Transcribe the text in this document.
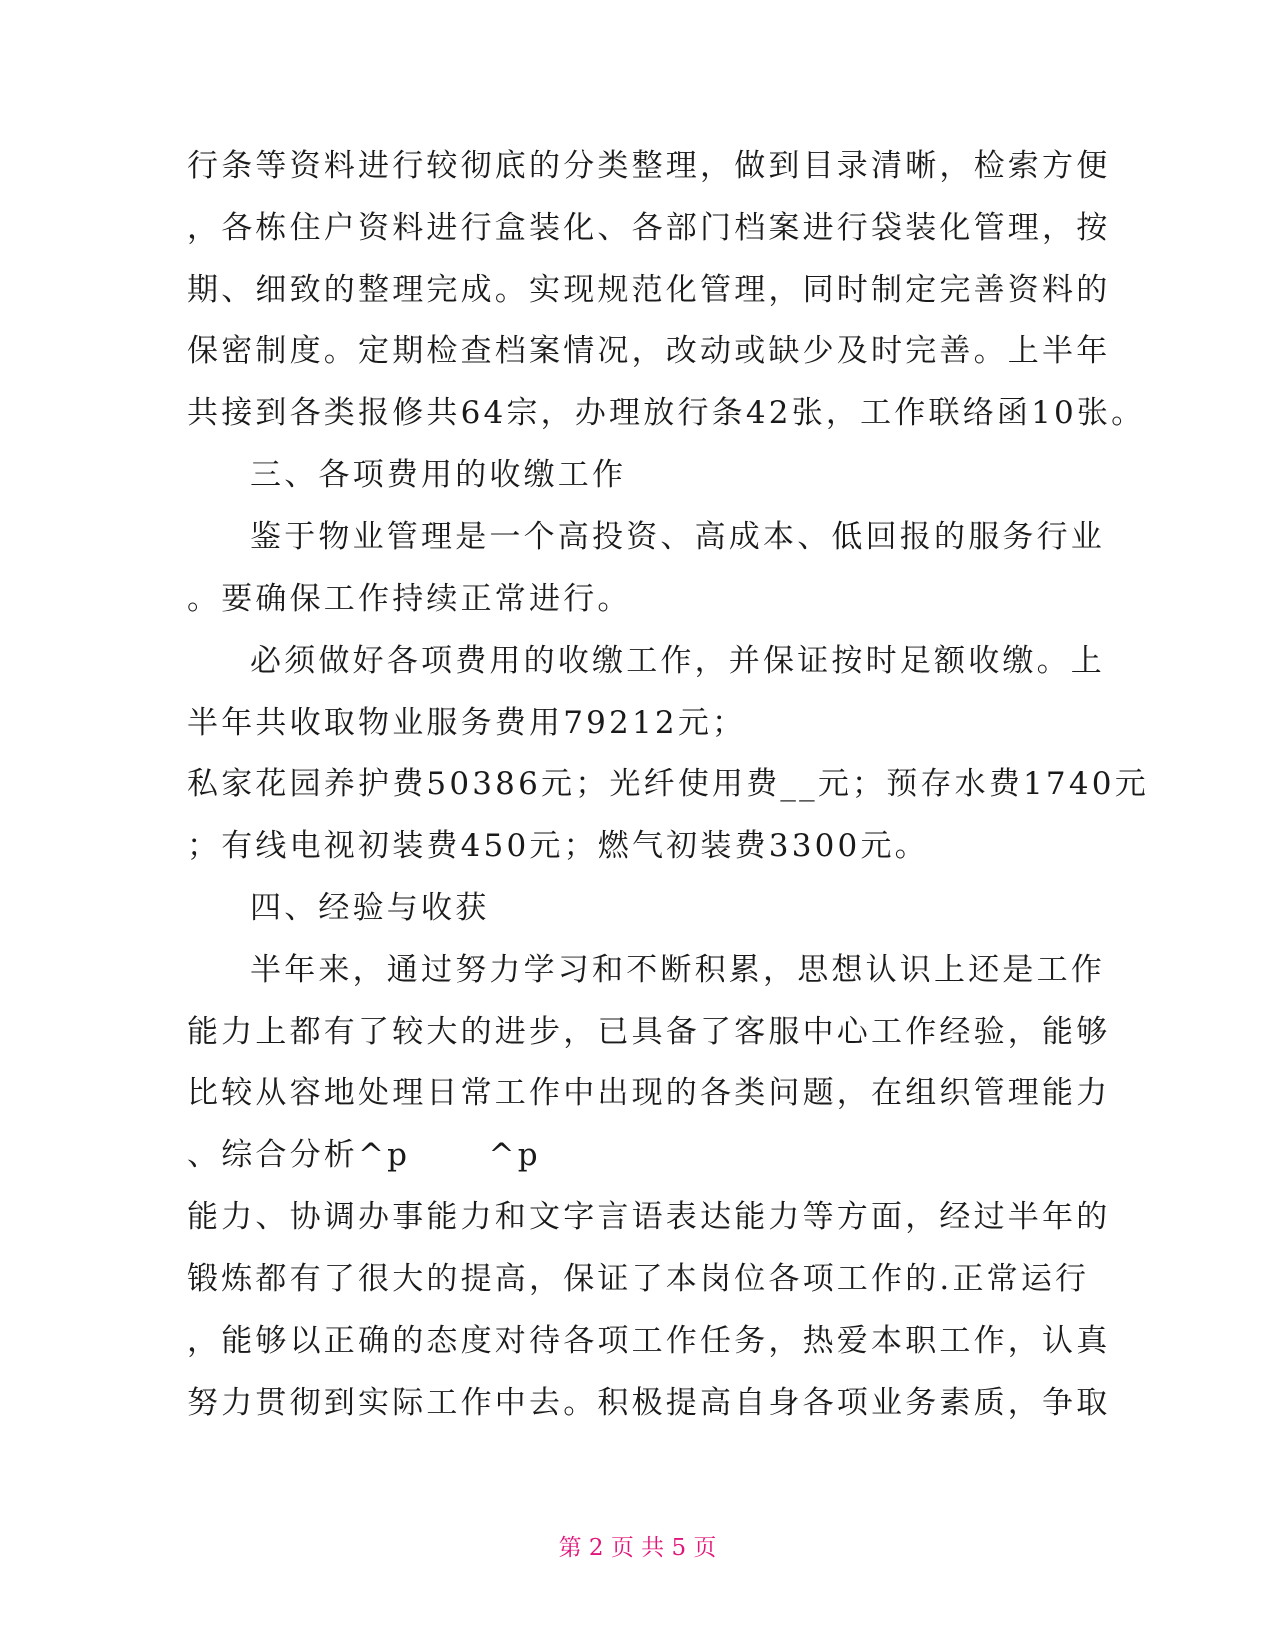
行条等资料进行较彻底的分类整理，做到目录清晰，检索方便
，各栋住户资料进行盒装化、各部门档案进行袋装化管理，按
期、细致的整理完成。实现规范化管理，同时制定完善资料的
保密制度。定期检查档案情况，改动或缺少及时完善。上半年
共接到各类报修共64宗，办理放行条42张，工作联络函10张。
三、各项费用的收缴工作
鉴于物业管理是一个高投资、高成本、低回报的服务行业
。要确保工作持续正常进行。
必须做好各项费用的收缴工作，并保证按时足额收缴。上
半年共收取物业服务费用79212元；
私家花园养护费50386元；光纤使用费__元；预存水费1740元
；有线电视初装费450元；燃气初装费3300元。
四、经验与收获
半年来，通过努力学习和不断积累，思想认识上还是工作
能力上都有了较大的进步，已具备了客服中心工作经验，能够
比较从容地处理日常工作中出现的各类问题，在组织管理能力
、综合分析^p      ^p
能力、协调办事能力和文字言语表达能力等方面，经过半年的
锻炼都有了很大的提高，保证了本岗位各项工作的.正常运行
，能够以正确的态度对待各项工作任务，热爱本职工作，认真
努力贯彻到实际工作中去。积极提高自身各项业务素质，争取
第 2 页 共 5 页
